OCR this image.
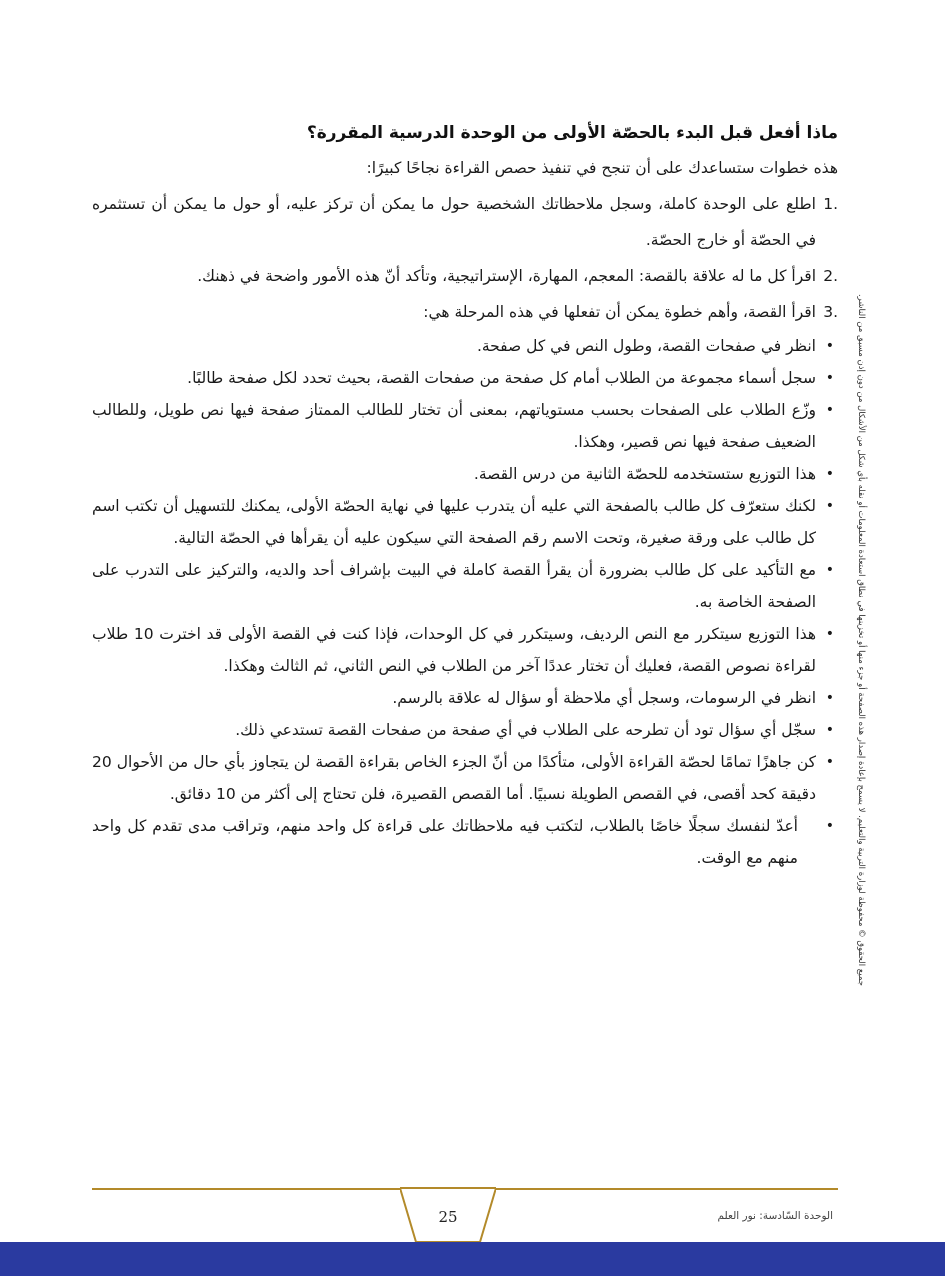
ماذا أفعل قبل البدء بالحصّة الأولى من الوحدة الدرسية المقررة؟

هذه خطوات ستساعدك على أن تنجح في تنفيذ حصص القراءة نجاحًا كبيرًا:

1.
اطلع على الوحدة كاملة، وسجل ملاحظاتك الشخصية حول ما يمكن أن تركز عليه، أو حول ما يمكن أن تستثمره في الحصّة أو خارج الحصّة.
2.
اقرأ كل ما له علاقة بالقصة: المعجم، المهارة، الإستراتيجية، وتأكد أنّ هذه الأمور واضحة في ذهنك.
3.
اقرأ القصة، وأهم خطوة يمكن أن تفعلها في هذه المرحلة هي:
•
انظر في صفحات القصة، وطول النص في كل صفحة.
•
سجل أسماء مجموعة من الطلاب أمام كل صفحة من صفحات القصة، بحيث تحدد لكل صفحة طالبًا.
•
وزّع الطلاب على الصفحات بحسب مستوياتهم، بمعنى أن تختار للطالب الممتاز صفحة فيها نص طويل، وللطالب الضعيف صفحة فيها نص قصير، وهكذا.
•
هذا التوزيع ستستخدمه للحصّة الثانية من درس القصة.
•
لكنك ستعرّف كل طالب بالصفحة التي عليه أن يتدرب عليها في نهاية الحصّة الأولى، يمكنك للتسهيل أن تكتب اسم كل طالب على ورقة صغيرة، وتحت الاسم رقم الصفحة التي سيكون عليه أن يقرأها في الحصّة التالية.
•
مع التأكيد على كل طالب بضرورة أن يقرأ القصة كاملة في البيت بإشراف أحد والديه، والتركيز على التدرب على الصفحة الخاصة به.
•
هذا التوزيع سيتكرر مع النص الرديف، وسيتكرر في كل الوحدات، فإذا كنت في القصة الأولى قد اخترت 10 طلاب لقراءة نصوص القصة، فعليك أن تختار عددًا آخر من الطلاب في النص الثاني، ثم الثالث وهكذا.
•
انظر في الرسومات، وسجل أي ملاحظة أو سؤال له علاقة بالرسم.
•
سجّل أي سؤال تود أن تطرحه على الطلاب في أي صفحة من صفحات القصة تستدعي ذلك.
•
كن جاهزًا تمامًا لحصّة القراءة الأولى، متأكدًا من أنّ الجزء الخاص بقراءة القصة لن يتجاوز بأي حال من الأحوال 20 دقيقة كحد أقصى، في القصص الطويلة نسبيًا. أما القصص القصيرة، فلن تحتاج إلى أكثر من 10 دقائق.
•
أعدّ لنفسك سجلًا خاصًا بالطلاب، لتكتب فيه ملاحظاتك على قراءة كل واحد منهم، وتراقب مدى تقدم كل واحد منهم مع الوقت.	جميع الحقوق © محفوظة لوزارة التربية والتعليم. لا يسمح بإعادة إصدار هذه الصفحة أو جزء منها أو تخزينها في نطاق استعادة المعلومات أو نقله بأي شكل من الأشكال من دون إذن مسبق من الناشر.
25	الوحدة السّادسة: نور العلم
